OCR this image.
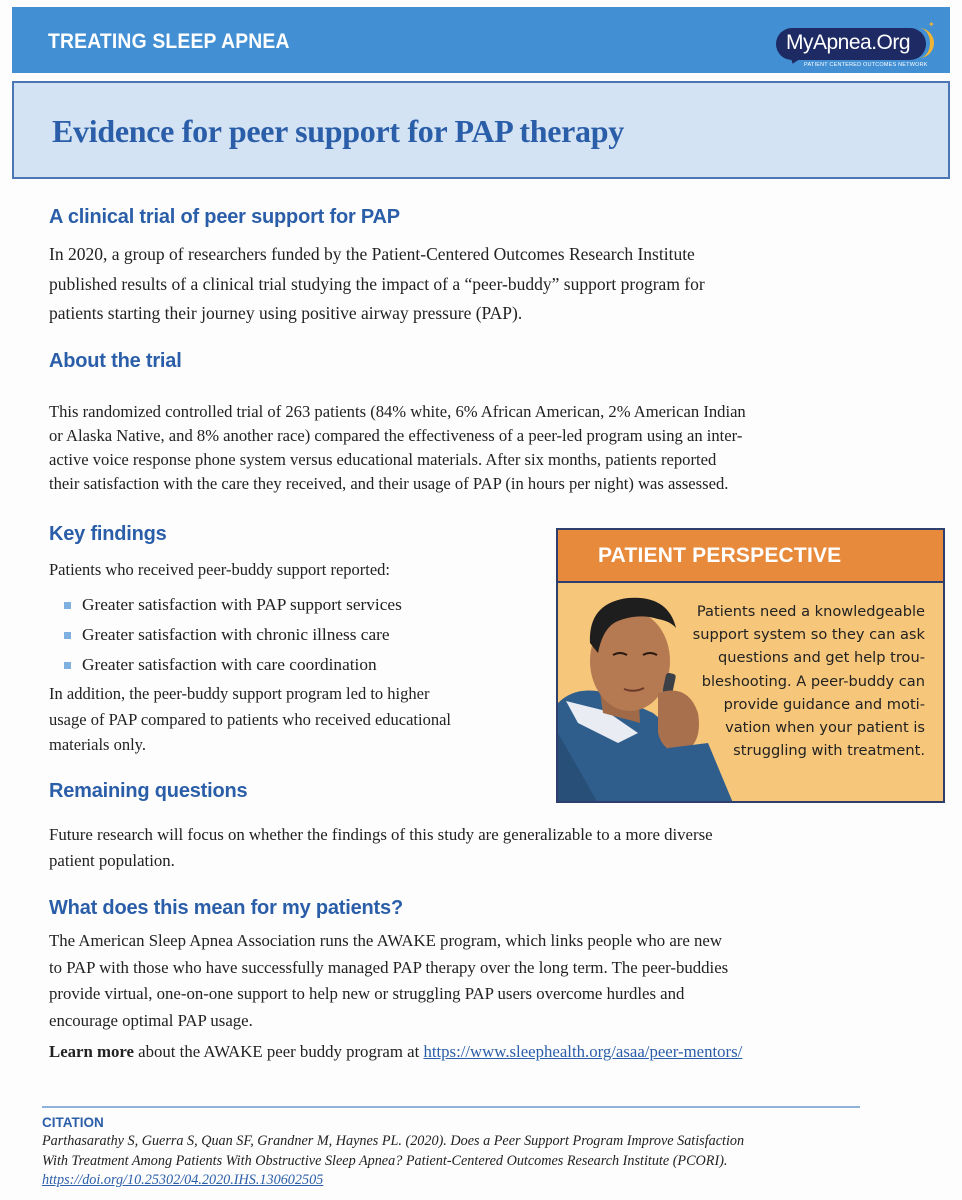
TREATING SLEEP APNEA	MyApnea.Org
✦
PATIENT CENTERED OUTCOMES NETWORK
Evidence for peer support for PAP therapy
A clinical trial of peer support for PAP
In 2020, a group of researchers funded by the Patient-Centered Outcomes Research Institute
published results of a clinical trial studying the impact of a “peer-buddy” support program for
patients starting their journey using positive airway pressure (PAP).
About the trial
This randomized controlled trial of 263 patients (84% white, 6% African American, 2% American Indian
or Alaska Native, and 8% another race) compared the effectiveness of a peer-led program using an inter-
active voice response phone system versus educational materials. After six months, patients reported
their satisfaction with the care they received, and their usage of PAP (in hours per night) was assessed.
Key findings
Patients who received peer-buddy support reported:
Greater satisfaction with PAP support services
Greater satisfaction with chronic illness care
Greater satisfaction with care coordination
In addition, the peer-buddy support program led to higher
usage of PAP compared to patients who received educational
materials only.
PATIENT PERSPECTIVE
Patients need a knowledgeable
support system so they can ask
questions and get help trou-
bleshooting. A peer-buddy can
provide guidance and moti-
vation when your patient is
struggling with treatment.
Remaining questions
Future research will focus on whether the findings of this study are generalizable to a more diverse
patient population.
What does this mean for my patients?
The American Sleep Apnea Association runs the AWAKE program, which links people who are new
to PAP with those who have successfully managed PAP therapy over the long term. The peer-buddies
provide virtual, one-on-one support to help new or struggling PAP users overcome hurdles and
encourage optimal PAP usage.
Learn more about the AWAKE peer buddy program at https://www.sleephealth.org/asaa/peer-mentors/
CITATION
Parthasarathy S, Guerra S, Quan SF, Grandner M, Haynes PL. (2020). Does a Peer Support Program Improve Satisfaction
With Treatment Among Patients With Obstructive Sleep Apnea? Patient-Centered Outcomes Research Institute (PCORI).
https://doi.org/10.25302/04.2020.IHS.130602505
